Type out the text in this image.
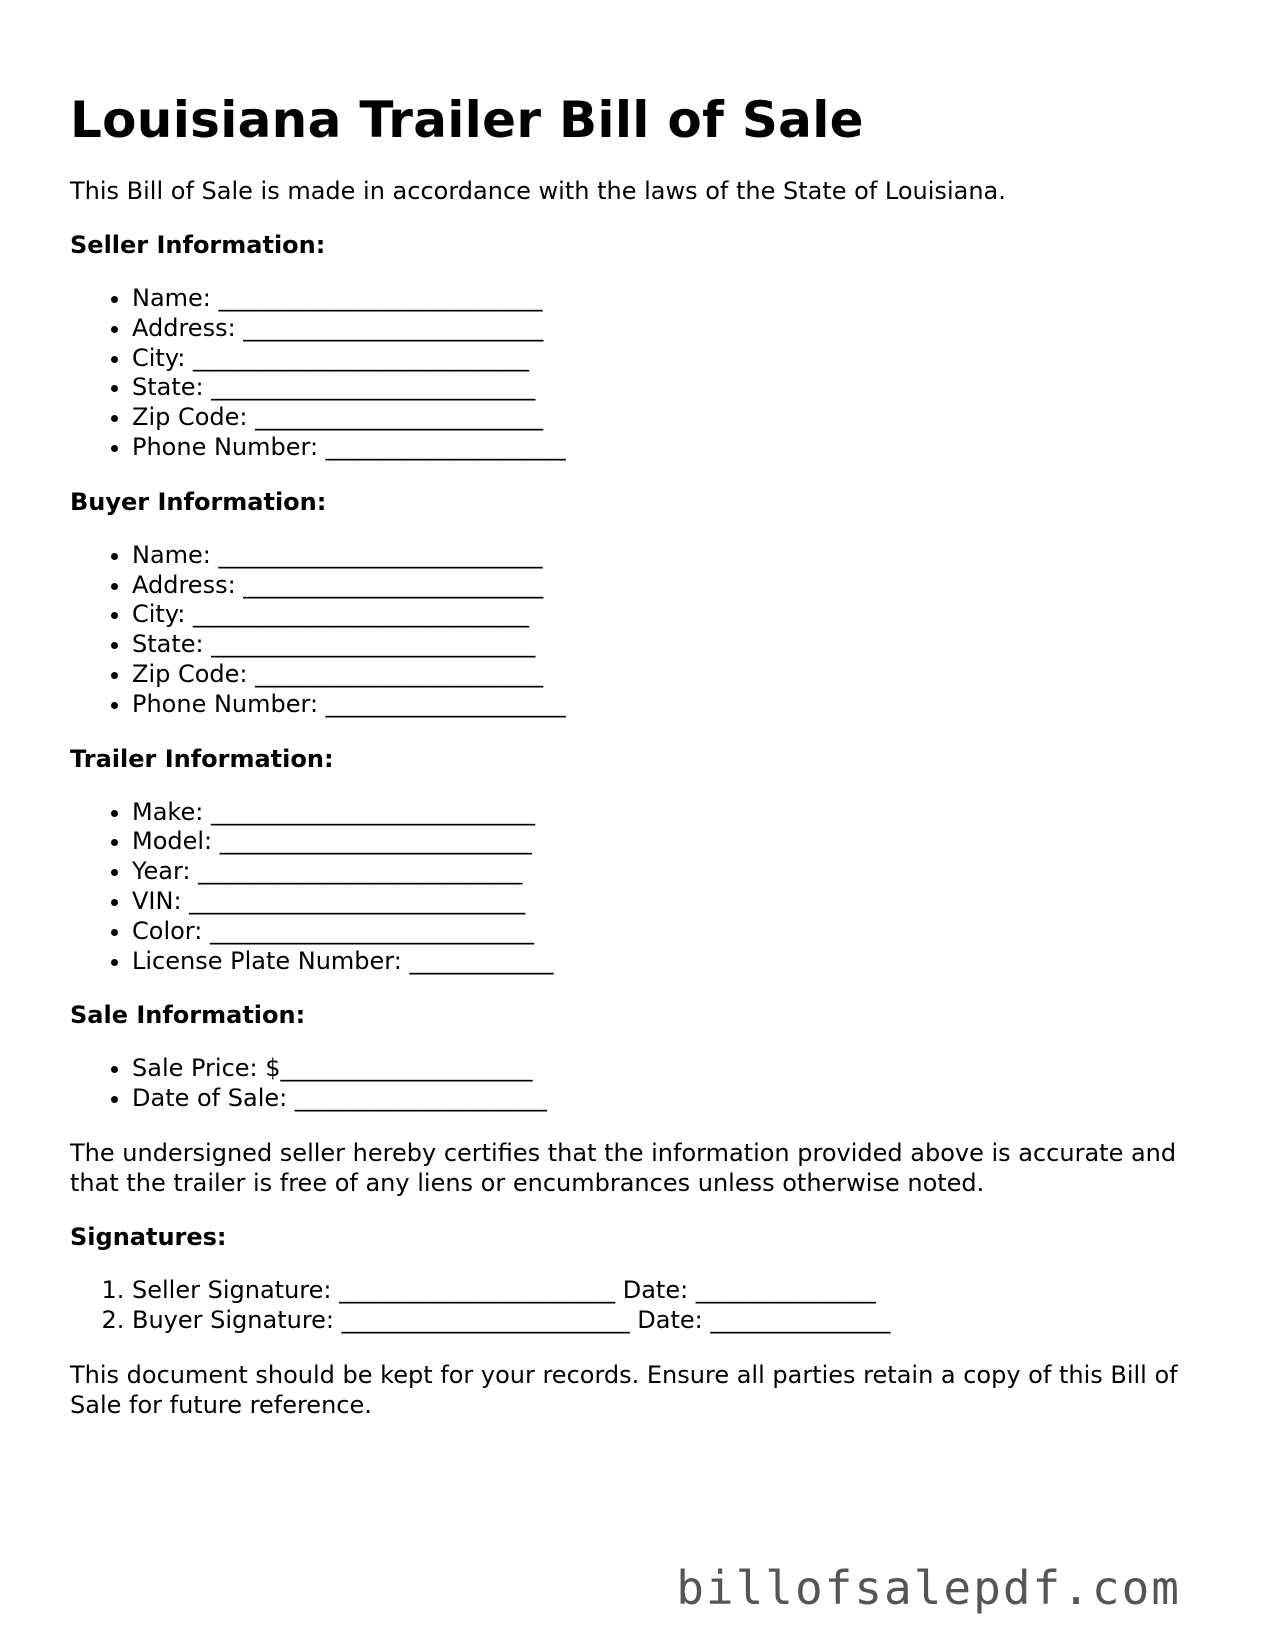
Louisiana Trailer Bill of Sale

This Bill of Sale is made in accordance with the laws of the State of Louisiana.

Seller Information:
• Name: ___________________________
• Address: _________________________
• City: ____________________________
• State: ___________________________
• Zip Code: ________________________
• Phone Number: ____________________
Buyer Information:
• Name: ___________________________
• Address: _________________________
• City: ____________________________
• State: ___________________________
• Zip Code: ________________________
• Phone Number: ____________________
Trailer Information:
• Make: ___________________________
• Model: __________________________
• Year: ___________________________
• VIN: ____________________________
• Color: ___________________________
• License Plate Number: ____________
Sale Information:
• Sale Price: $_____________________
• Date of Sale: _____________________

The undersigned seller hereby certifies that the information provided above is accurate and that the trailer is free of any liens or encumbrances unless otherwise noted.

Signatures:
1. Seller Signature: _______________________ Date: _______________
2. Buyer Signature: ________________________ Date: _______________

This document should be kept for your records. Ensure all parties retain a copy of this Bill of Sale for future reference.

billofsalepdf.com
